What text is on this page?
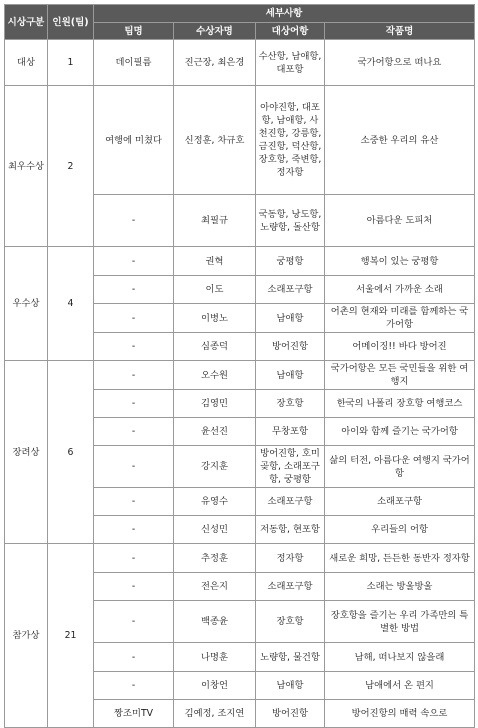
시상구분	인원(팀)	세부사항			
		팀명	수상자명	대상어항	작품명
대상	1	데이필름	진근장, 최은경	수산항, 남애항, 대포항	국가어항으로 떠나요
최우수상	2	여행에 미쳤다	신정훈, 차규호	아야진항, 대포항, 남애항, 사천진항, 강릉항, 금진항, 덕산항, 장호항, 죽변항, 정자항	소중한 우리의 유산
		-	최필규	국동항, 낭도항, 노량항, 돌산항	아름다운 도피처
우수상	4	-	권혁	궁평항	행복이 있는 궁평항
		-	이도	소래포구항	서울에서 가까운 소래
		-	이병노	남애항	어촌의 현재와 미래를 함께하는 국가어항
		-	심종덕	방어진항	어메이징!! 바다 방어진
장려상	6	-	오수원	남애항	국가어항은 모든 국민들을 위한 여행지
		-	김영민	장호항	한국의 나폴리 장호항 여행코스
		-	윤선진	무창포항	아이와 함께 즐기는 국가어항
		-	강지훈	방어진항, 호미곶항, 소래포구항, 궁평항	삶의 터전, 아름다운 여행지 국가어항
		-	유영수	소래포구항	소래포구항
		-	신성민	저동항, 현포항	우리들의 어항
참가상	21	-	추정훈	정자항	새로운 희망, 든든한 동반자 정자항
		-	전은지	소래포구항	소래는 방울방울
		-	백종윤	장호항	장호항을 즐기는 우리 가족만의 특별한 방법
		-	나명훈	노량항, 물건항	남해, 떠나보지 않을래
		-	이창언	남애항	남애에서 온 편지
		짱조미TV	김예정, 조지연	방어진항	방어진항의 매력 속으로
